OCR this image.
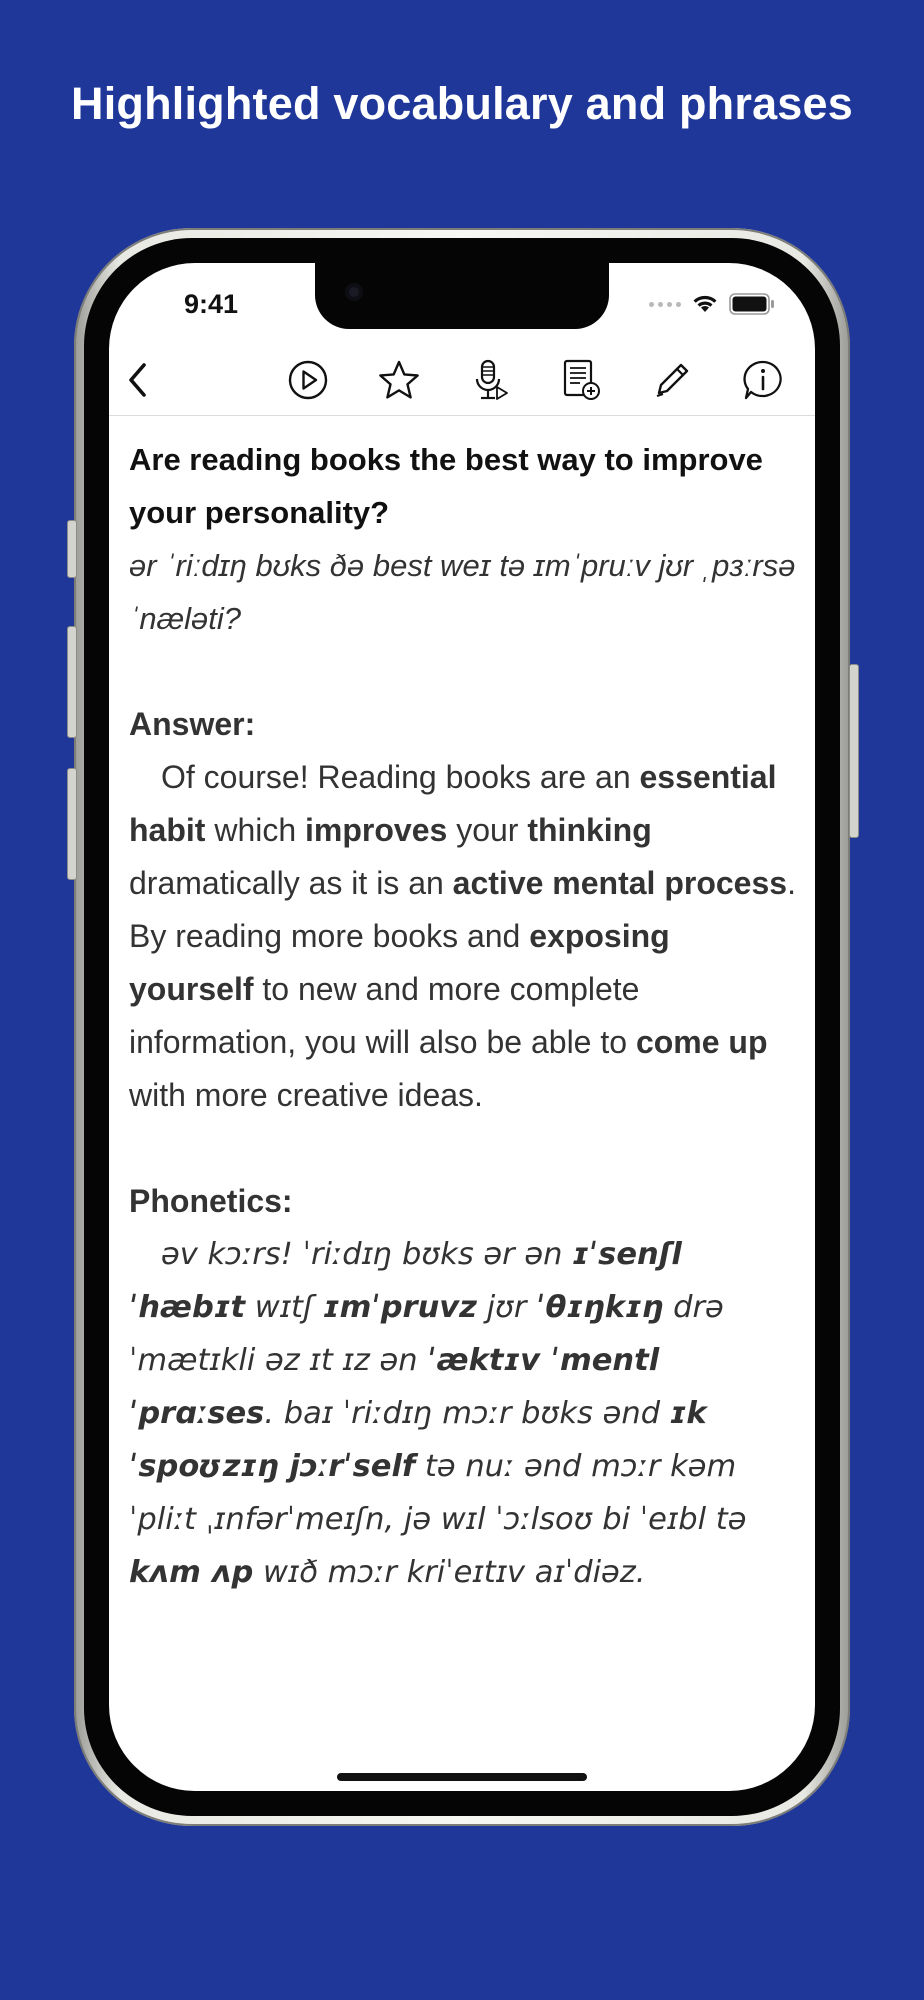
Highlighted vocabulary and phrases
9:41
Are reading books the best way to improve your personality?
ər ˈriːdɪŋ bʊks ðə best weɪ tə ɪmˈpruːv jʊr ˌpɜːrsəˈnæləti?
Answer:
Of course! Reading books are an essential habit which improves your thinking dramatically as it is an active mental process. By reading more books and exposing yourself to new and more complete information, you will also be able to come up with more creative ideas.
Phonetics:
əv kɔːrs! ˈriːdɪŋ bʊks ər ən ɪˈsenʃl ˈhæbɪt wɪtʃ ɪmˈpruvz jʊr ˈθɪŋkɪŋ drəˈmætɪkli əz ɪt ɪz ən ˈæktɪv ˈmentl ˈprɑːses. baɪ ˈriːdɪŋ mɔːr bʊks ənd ɪkˈspoʊzɪŋ jɔːrˈself tə nuː ənd mɔːr kəmˈpliːt ˌɪnfərˈmeɪʃn, jə wɪl ˈɔːlsoʊ bi ˈeɪbl tə kʌm ʌp wɪð mɔːr kriˈeɪtɪv aɪˈdiəz.
